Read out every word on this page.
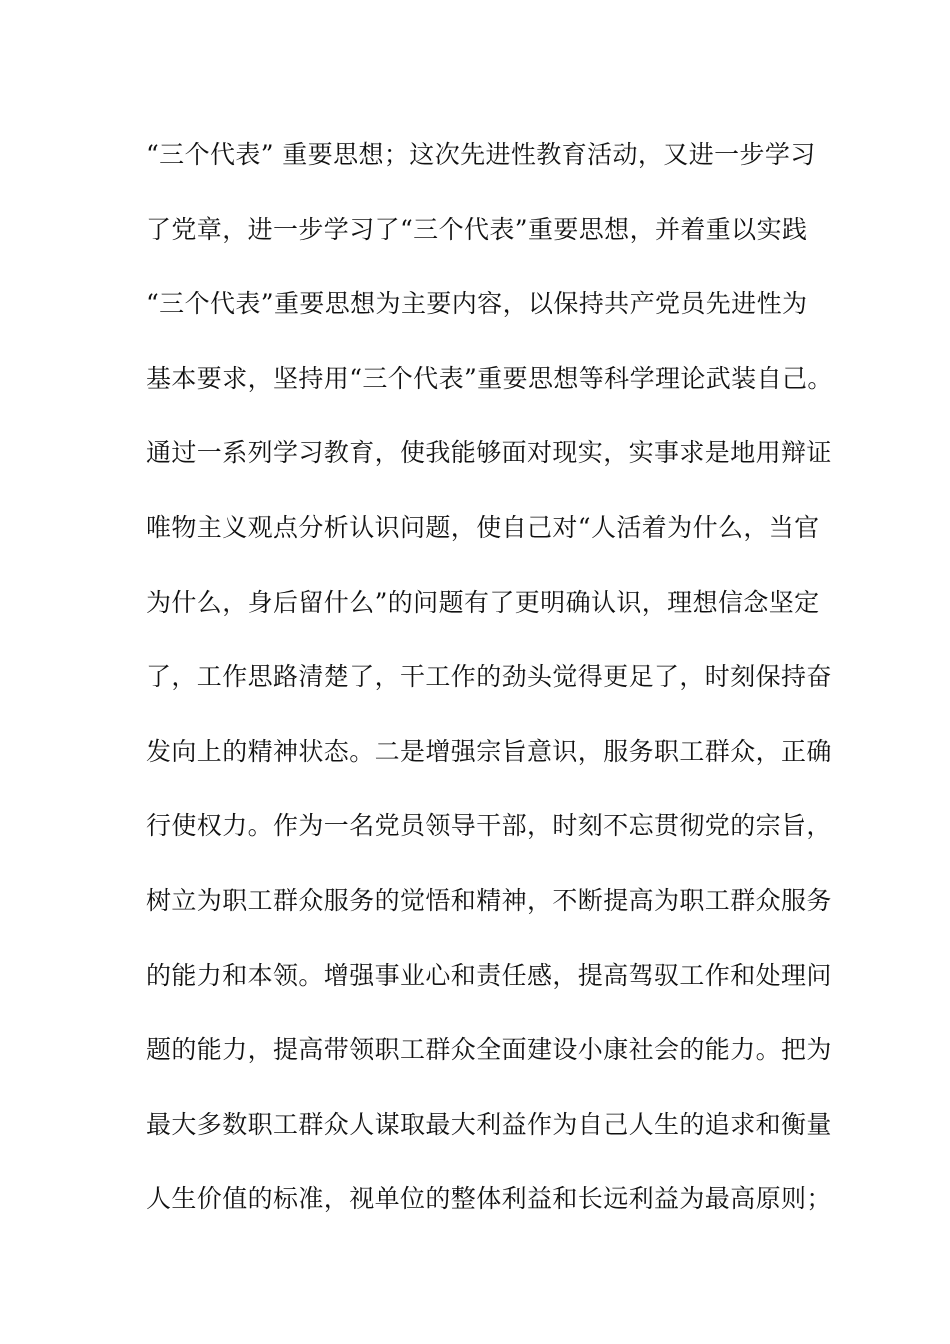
“三个代表” 重要思想；这次先进性教育活动，又进一步学习
了党章，进一步学习了“三个代表”重要思想，并着重以实践
“三个代表”重要思想为主要内容，以保持共产党员先进性为
基本要求，坚持用“三个代表”重要思想等科学理论武装自己。
通过一系列学习教育，使我能够面对现实，实事求是地用辩证
唯物主义观点分析认识问题，使自己对“人活着为什么，当官
为什么，身后留什么”的问题有了更明确认识，理想信念坚定
了，工作思路清楚了，干工作的劲头觉得更足了，时刻保持奋
发向上的精神状态。二是增强宗旨意识，服务职工群众，正确
行使权力。作为一名党员领导干部，时刻不忘贯彻党的宗旨，
树立为职工群众服务的觉悟和精神，不断提高为职工群众服务
的能力和本领。增强事业心和责任感，提高驾驭工作和处理问
题的能力，提高带领职工群众全面建设小康社会的能力。把为
最大多数职工群众人谋取最大利益作为自己人生的追求和衡量
人生价值的标准，视单位的整体利益和长远利益为最高原则；
